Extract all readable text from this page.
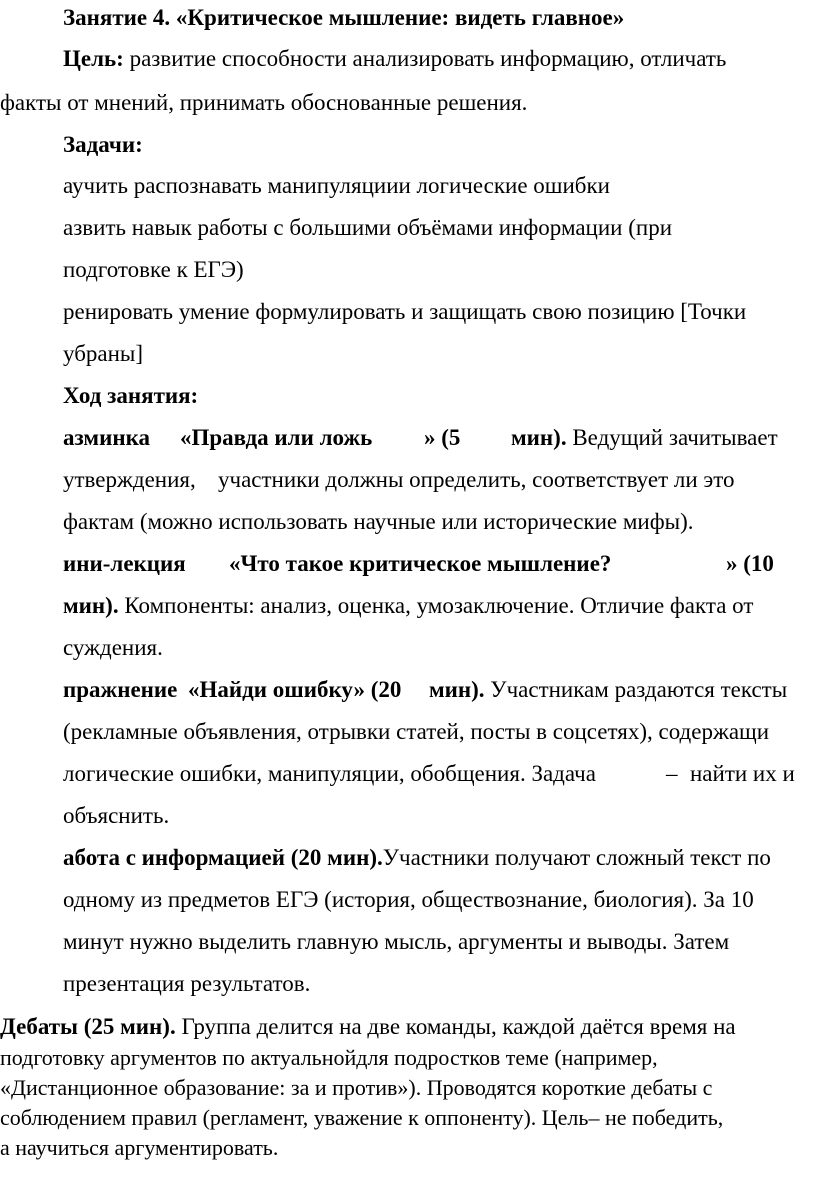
Занятие 4. «Критическое мышление: видеть главное»
Цель: развитие способности анализировать информацию, отличать
факты от мнений, принимать обоснованные решения.
Задачи:
аучить распознавать манипуляциии логические ошибки
азвить навык работы с большими объёмами информации (при
подготовке к ЕГЭ)
ренировать умение формулировать и защищать свою позицию [Точки
убраны]
Ход занятия:
азминка «Правда или ложь » (5 мин). Ведущий зачитывает
утверждения, участники должны определить, соответствует ли это
фактам (можно использовать научные или исторические мифы).
ини-лекция «Что такое критическое мышление?	» (10
мин). Компоненты: анализ, оценка, умозаключение. Отличие факта от
суждения.
пражнение «Найди ошибку» (20 мин). Участникам раздаются тексты
(рекламные объявления, отрывки статей, посты в соцсетях), содержащи
логические ошибки, манипуляции, обобщения. Задача	– найти их и
объяснить.
абота с информацией (20 мин).Участники получают сложный текст по
одному из предметов ЕГЭ (история, обществознание, биология). За 10
минут нужно выделить главную мысль, аргументы и выводы. Затем
презентация результатов.
Дебаты (25 мин). Группа делится на две команды, каждой даётся время на
подготовку аргументов по актуальнойдля подростков теме (например,
«Дистанционное образование: за и против»). Проводятся короткие дебаты с
соблюдением правил (регламент, уважение к оппоненту). Цель– не победить,
а научиться аргументировать.
